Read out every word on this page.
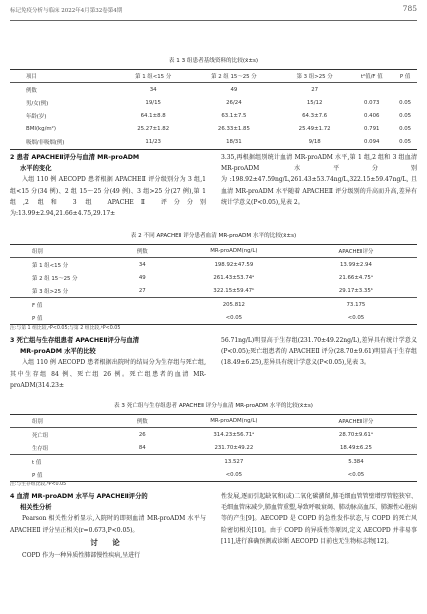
标记免疫分析与临床 2022年4月第32卷第4期	785
表 1 3 组患者基线资料的比较(x̄±s)
项目	第 1 组<15 分	第 2 组 15～25 分	第 3 组>25 分	t²值/F 值	P 值
例数	34	49	27		
男/女(例)	19/15	26/24	15/12	0.073	0.05
年龄(岁)	64.1±8.8	63.1±7.5	64.3±7.6	0.406	0.05
BMI(kg/m²)	25.27±1.82	26.33±1.85	25.49±1.72	0.791	0.05
吸烟/非吸烟(例)	11/23	18/31	9/18	0.094	0.05
2 患者 APACHEⅡ评分与血清 MR-proADM
水平的变化

入组 110 例 AECOPD 患者根据 APACHEⅡ 评分级别分为 3 组,1 组<15 分(34 例)、2 组 15～25 分(49 例)、3 组>25 分(27 例),第 1 组,2 组和 3 组 APACHEⅡ 评分分别为:13.99±2.94,21.66±4.75,29.17±

3.35,再根据组别统计血清 MR-proADM 水平,第 1 组,2 组和 3 组血清 MR-proADM 水平分别为:198.92±47.59ng/L,261.43±53.74ng/L,322.15±59.47ng/L,且血清 MR-proADM 水平随着 APACHEⅡ 评分级别的升高而升高,差异有统计学意义(P<0.05),见表 2。

表 2 不同 APACHEⅡ 评分患者血清 MR-proADM 水平的比较(x̄±s)
组别	例数	MR-proADM(ng/L)	APACHEⅡ评分
第 1 组<15 分	34	198.92±47.59	13.99±2.94
第 2 组 15～25 分	49	261.43±53.74ᵃ	21.66±4.75ᵃ
第 3 组>25 分	27	322.15±59.47ᵇ	29.17±3.35ᵇ
F 值		205.812	73.175
P 值		<0.05	<0.05
注:与第 1 组比较,ᵃP<0.05;与第 2 组比较,ᵇP<0.05
3 死亡组与生存组患者 APACHEⅡ评分与血清
MR-proADM 水平的比较

入组 110 例 AECOPD 患者根据出院时的结局分为生存组与死亡组,其中生存组 84 例、死亡组 26 例。死亡组患者的血清 MR-proADM(314.23±

56.71ng/L)明显高于生存组(231.70±49.22ng/L),差异具有统计学意义(P<0.05);死亡组患者的 APACHEⅡ 评分(28.70±9.61)明显高于生存组(18.49±6.25),差异具有统计学意义(P<0.05),见表 3。

表 3 死亡组与生存组患者 APACHEⅡ 评分与血清 MR-proADM 水平的比较(x̄±s)
组别	例数	MR-proADM(ng/L)	APACHEⅡ评分
死亡组	26	314.23±56.71ᵃ	28.70±9.61ᵃ
生存组	84	231.70±49.22	18.49±6.25
t 值		13.527	5.384
P 值		<0.05	<0.05
注:与生存组比较,ᵃP<0.05
4 血清 MR-proADM 水平与 APACHEⅡ评分的
相关性分析

Pearson 相关性分析显示,入院时的即刻血清 MR-proADM 水平与 APACHEⅡ 评分呈正相关(r=0.673,P<0.05)。

讨 论

COPD 作为一种异质性肺部慢性疾病,呈进行

性发展,逐而引起缺氧和(或)二氧化碳潴留,肺毛细血管管壁增厚管腔狭窄、毛细血管床减少,肺血管重塑,导致呼吸衰竭、肺动脉高血压、肺源性心脏病等的产生[9]。AECOPD 是 COPD 的急性发作状态,与 COPD 的死亡风险密切相关[10]。由于 COPD 的异质性等原因,定义 AECOPD 并非易事[11],进行准确预测或诊断 AECOPD 目前也无生物标志物[12]。
